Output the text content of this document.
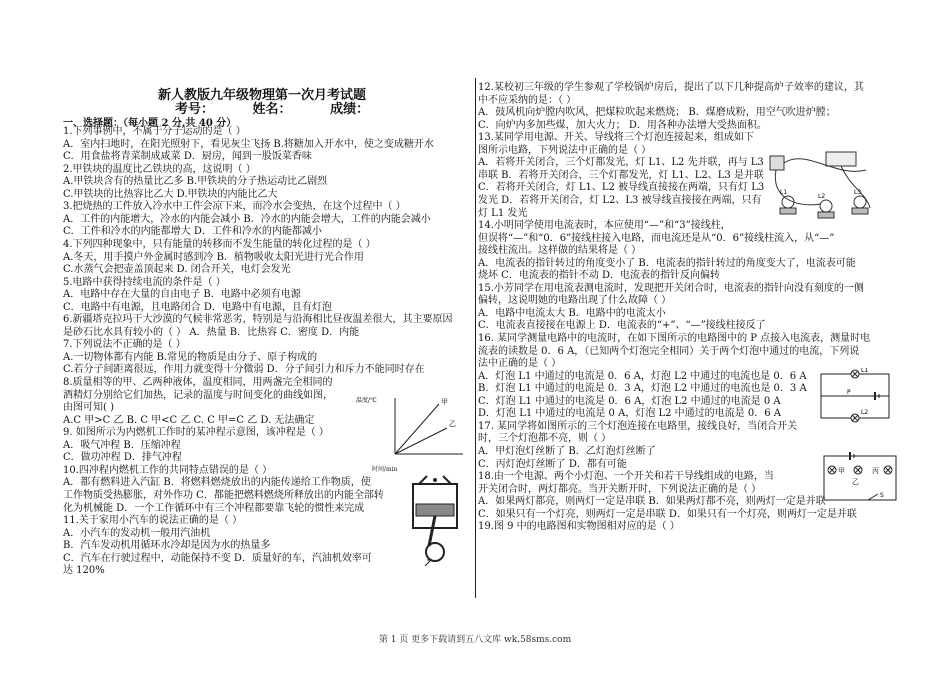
新人教版九年级物理第一次月考试题
考号：	姓名：	成绩：
一、选择题：（每小题 2 分,共 40 分）
1.下列事例中，不属于分子运动的是（ ）
A．室内扫地时，在阳光照射下，看见灰尘飞扬 B.将糖加入开水中，使之变成糖开水
C．用食盐将青菜制成咸菜 D．厨房，闻到一股饭菜香味
2.甲铁块的温度比乙铁块的高，这说明（ ）
A.甲铁块含有的热量比乙多 B.甲铁块的分子热运动比乙剧烈
C.甲铁块的比热容比乙大 D.甲铁块的内能比乙大
3.把烧热的工件放入冷水中工件会凉下来，而冷水会变热，在这个过程中（ ）
A．工件的内能增大，冷水的内能会减小 B．冷水的内能会增大，工件的内能会减小
C．工件和冷水的内能都增大 D．工件和冷水的内能都减小
4.下列四种现象中，只有能量的转移而不发生能量的转化过程的是（ ）
A.冬天，用手摸户外金属时感到冷 B．植物吸收太阳光进行光合作用
C.水蒸气会把壶盖顶起来 D. 闭合开关，电灯会发光
5.电路中获得持续电流的条件是（ ）
A．电路中存在大量的自由电子 B．电路中必须有电源
C．电路中有电源，且电路闭合 D．电路中有电源，且有灯泡
6.新疆塔克拉玛干大沙漠的气候非常恶劣，特别是与沿海相比昼夜温差很大，其主要原因
是砂石比水具有较小的（ ） A．热量 B．比热容 C．密度 D．内能
7.下列说法不正确的是（ ）
A.一切物体都有内能 B.常见的物质是由分子、原子构成的
C.若分子间距离很远，作用力就变得十分微弱 D．分子间引力和斥力不能同时存在
8.质量相等的甲、乙两种液体，温度相同，用两盏完全相同的
酒精灯分别给它们加热，记录的温度与时间变化的曲线如图，
由图可知( )
A.C 甲>C 乙 B. C 甲<C 乙 C. C 甲=C 乙 D. 无法确定
9. 如图所示为内燃机工作时的某冲程示意图，该冲程是（ ）
A．吸气冲程 B．压缩冲程
C．做功冲程 D．排气冲程
10.四冲程内燃机工作的共同特点错误的是（ ）
A．都有燃料进入汽缸 B．将燃料燃烧放出的内能传递给工作物质，使
工作物质受热膨胀，对外作功 C．都能把燃料燃烧所释放出的内能全部转
化为机械能 D．一个工作循环中有三个冲程都要靠飞轮的惯性来完成
11.关于家用小汽车的说法正确的是（ ）
A．小汽车的发动机一般用汽油机
B．汽车发动机用循环水冷却是因为水的热量多
C．汽车在行驶过程中，动能保持不变 D．质量好的车，汽油机效率可
达 120%
12.某校初三年级的学生参观了学校锅炉房后，提出了以下几种提高炉子效率的建议，其
中不应采纳的是：（ ）
A．鼓风机向炉膛内吹风，把煤粒吹起来燃烧； B．煤磨成粉，用空气吹进炉膛；
C．向炉内多加些煤，加大火力； D．用各种办法增大受热面积。
13.某同学用电源、开关、导线将三个灯泡连接起来，组成如下
图所示电路，下列说法中正确的是（ ）
A．若将开关闭合，三个灯都发光，灯 L1、L2 先并联，再与 L3
串联 B．若将开关闭合，三个灯都发光，灯 L1、L2、L3 是并联
C．若将开关闭合，灯 L1、L2 被导线直接接在两端，只有灯 L3
发光 D．若将开关闭合，灯 L2、L3 被导线直接接在两端，只有
灯 L1 发光
14.小明同学使用电流表时，本应使用“—”和“3”接线柱，
但误将“—”和“0．6”接线柱接入电路，而电流还是从“0．6”接线柱流入，从“—”
接线柱流出。这样做的结果将是（ ）
A．电流表的指针转过的角度变小了 B．电流表的指针转过的角度变大了，电流表可能
烧坏 C．电流表的指针不动 D．电流表的指针反向偏转
15.小芳同学在用电流表测电流时，发现把开关闭合时，电流表的指针向没有刻度的一侧
偏转，这说明她的电路出现了什么故障（ ）
A．电路中电流太大 B．电路中的电流太小
C．电流表直接接在电源上 D．电流表的“+”、“—”接线柱接反了
16. 某同学测量电路中的电流时，在如下图所示的电路图中的 P 点接入电流表，测量时电
流表的读数是 0．6 A，（已知两个灯泡完全相同）关于两个灯泡中通过的电流，下列说
法中正确的是（ ）
A．灯泡 L1 中通过的电流是 0．6 A，灯泡 L2 中通过的电流也是 0．6 A
B．灯泡 L1 中通过的电流是 0．3 A，灯泡 L2 中通过的电流也是 0．3 A
C．灯泡 L1 中通过的电流是 0．6 A，灯泡 L2 中通过的电流是 0 A
D．灯泡 L1 中通过的电流是 0 A，灯泡 L2 中通过的电流是 0．6 A
17. 某同学将如图所示的三个灯泡连接在电路里，接线良好，当闭合开关
时，三个灯泡都不亮，则（ ）
A．甲灯泡灯丝断了 B．乙灯泡灯丝断了
C．丙灯泡灯丝断了 D．都有可能
18.由一个电源、两个小灯泡、一个开关和若干导线组成的电路，当
开关闭合时，两灯都亮。当开关断开时，下列说法正确的是（ ）
A．如果两灯都亮，则两灯一定是串联 B．如果两灯都不亮，则两灯一定是并联
C．如果只有一个灯亮，则两灯一定是串联 D．如果只有一个灯亮，则两灯一定是并联
19.图 9 中的电路图和实物图相对应的是（ ）
温度/℃	甲
乙
时间/min
L1
L2
L3
L1
L2
P
甲
乙
丙
S
第 1 页 更多下载请到五八文库 wk.58sms.com
